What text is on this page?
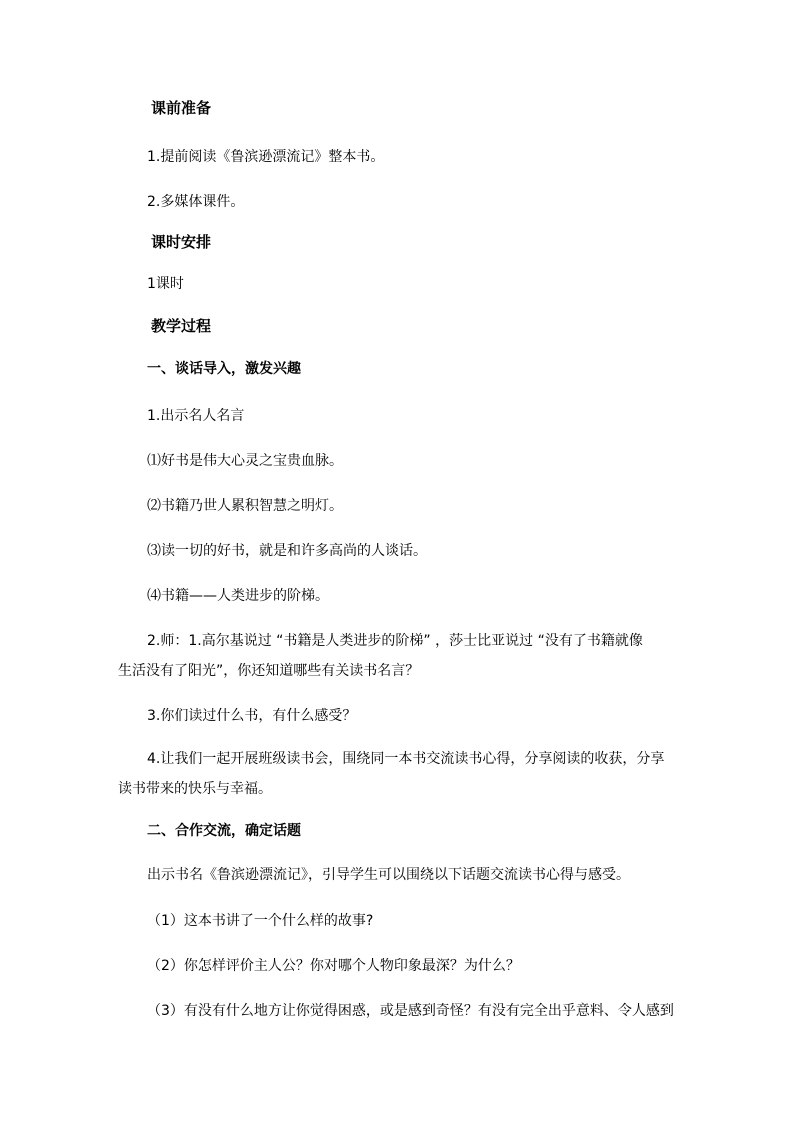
课前准备
1.提前阅读《鲁滨逊漂流记》整本书。
2.多媒体课件。
课时安排
1课时
教学过程
一、谈话导入，激发兴趣
1.出示名人名言
⑴好书是伟大心灵之宝贵血脉。
⑵书籍乃世人累积智慧之明灯。
⑶读一切的好书，就是和许多高尚的人谈话。
⑷书籍——人类进步的阶梯。
2.师：1.高尔基说过 “书籍是人类进步的阶梯” ，莎士比亚说过 “没有了书籍就像
生活没有了阳光”，你还知道哪些有关读书名言？
3.你们读过什么书，有什么感受？
4.让我们一起开展班级读书会，围绕同一本书交流读书心得，分享阅读的收获，分享
读书带来的快乐与幸福。
二、合作交流，确定话题
出示书名《鲁滨逊漂流记》，引导学生可以围绕以下话题交流读书心得与感受。
（1）这本书讲了一个什么样的故事?
（2）你怎样评价主人公？你对哪个人物印象最深？为什么？
（3）有没有什么地方让你觉得困惑，或是感到奇怪？有没有完全出乎意料、令人感到
